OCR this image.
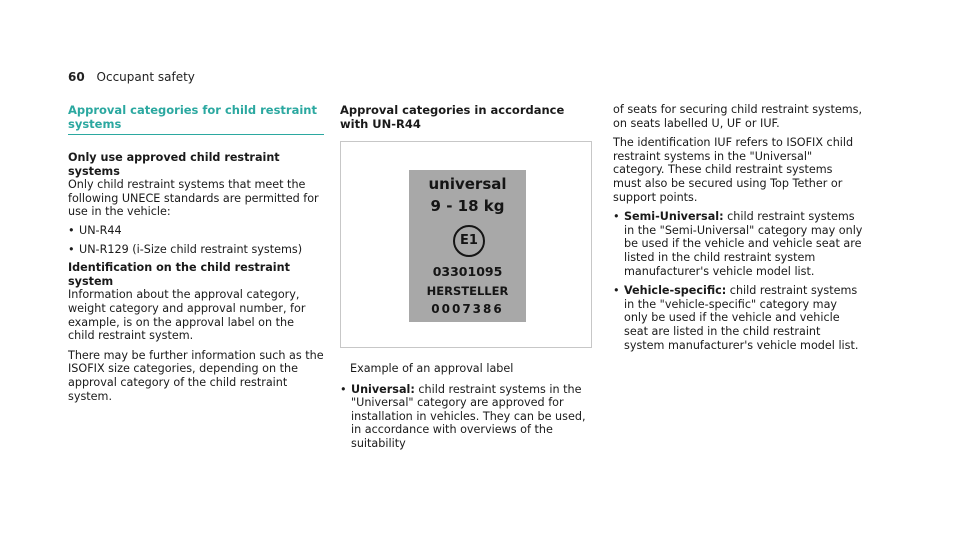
60 Occupant safety
Approval categories for child restraint systems

Only use approved child restraint systems

Only child restraint systems that meet the following UNECE standards are permitted for use in the vehicle:

• UN-R44
• UN-R129 (i-Size child restraint systems)

Identification on the child restraint system

Information about the approval category, weight category and approval number, for example, is on the approval label on the child restraint system.

There may be further information such as the ISOFIX size categories, depending on the approval category of the child restraint system.

Approval categories in accordance with UN-R44

universal
9 - 18 kg
E1
03301095
HERSTELLER
0007386

Example of an approval label

• Universal: child restraint systems in the "Universal" category are approved for installation in vehicles. They can be used, in accordance with overviews of the suitability

of seats for securing child restraint systems, on seats labelled U, UF or IUF.

The identification IUF refers to ISOFIX child restraint systems in the "Universal" category. These child restraint systems must also be secured using Top Tether or support points.

• Semi-Universal: child restraint systems in the "Semi-Universal" category may only be used if the vehicle and vehicle seat are listed in the child restraint system manufacturer's vehicle model list.
• Vehicle-specific: child restraint systems in the "vehicle-specific" category may only be used if the vehicle and vehicle seat are listed in the child restraint system manufacturer's vehicle model list.
